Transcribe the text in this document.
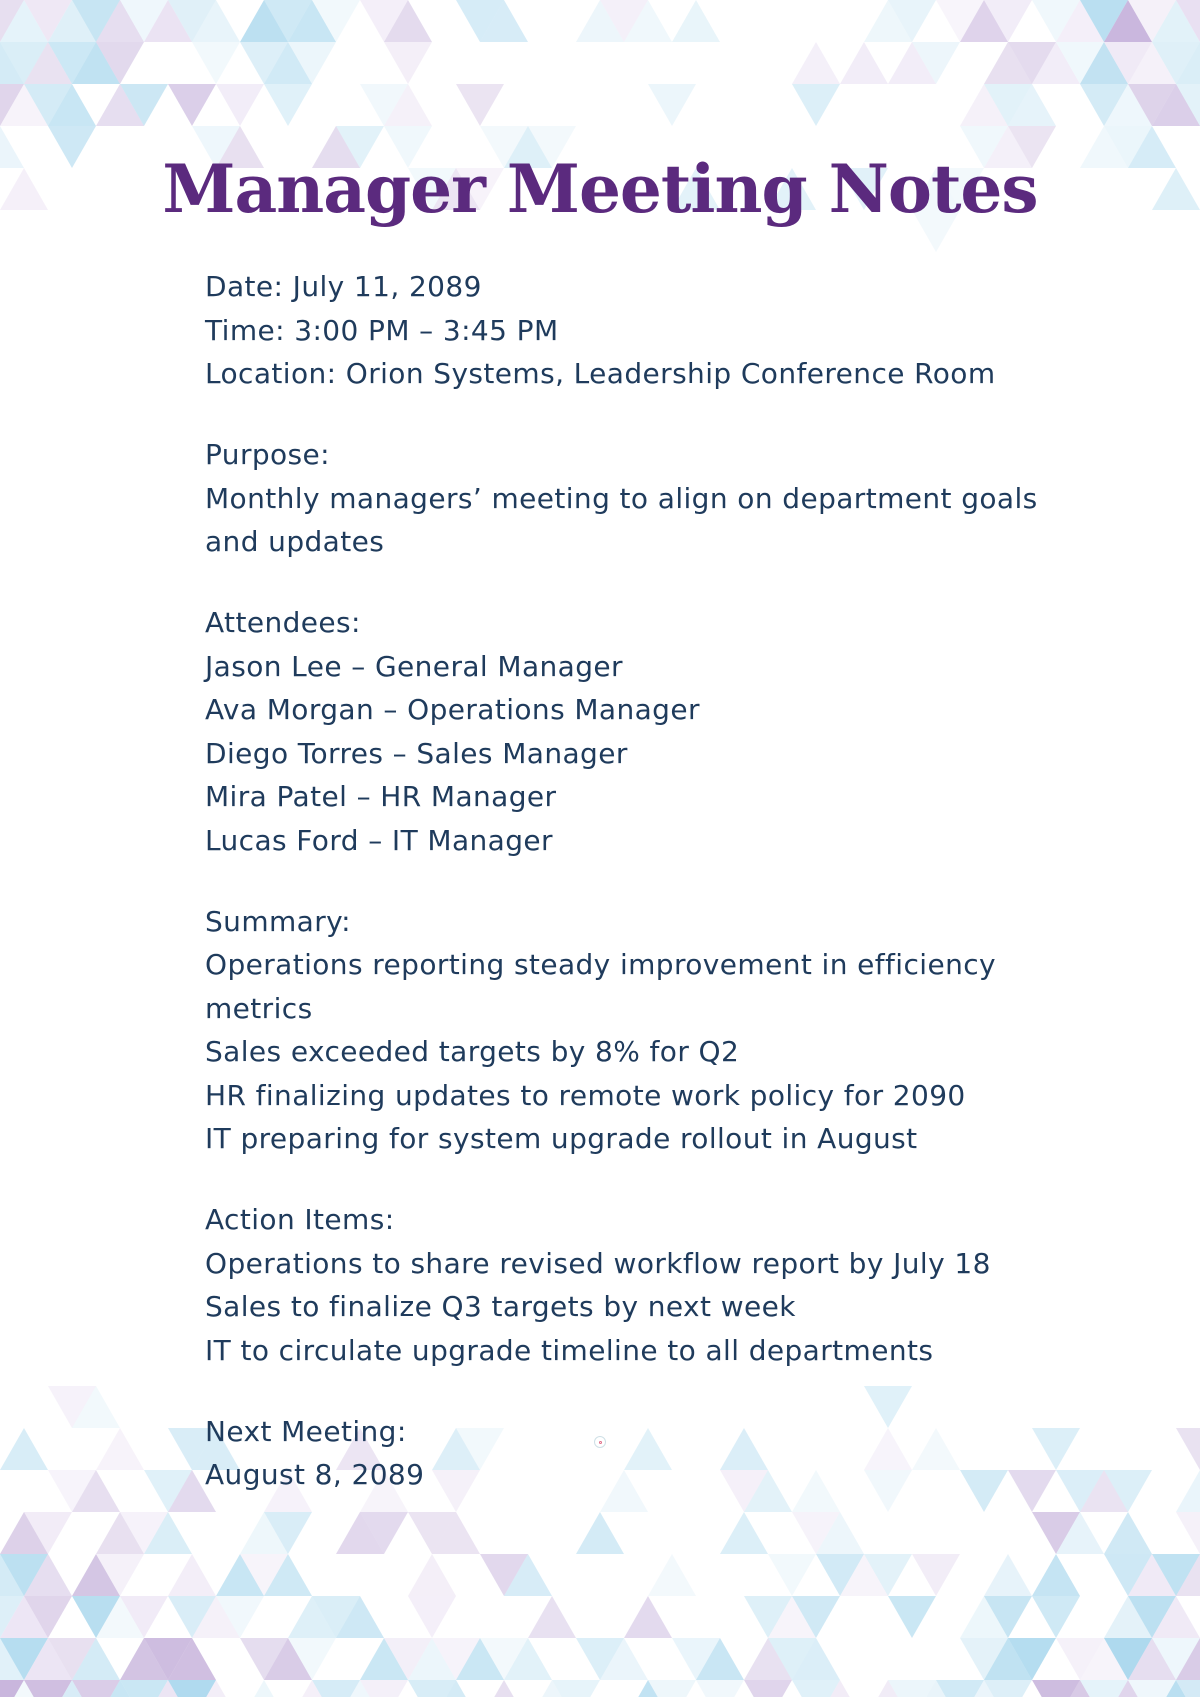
Manager Meeting Notes
Date: July 11, 2089
Time: 3:00 PM – 3:45 PM
Location: Orion Systems, Leadership Conference Room
Purpose:
Monthly managers’ meeting to align on department goals
and updates
Attendees:
Jason Lee – General Manager
Ava Morgan – Operations Manager
Diego Torres – Sales Manager
Mira Patel – HR Manager
Lucas Ford – IT Manager
Summary:
Operations reporting steady improvement in efficiency
metrics
Sales exceeded targets by 8% for Q2
HR finalizing updates to remote work policy for 2090
IT preparing for system upgrade rollout in August
Action Items:
Operations to share revised workflow report by July 18
Sales to finalize Q3 targets by next week
IT to circulate upgrade timeline to all departments
Next Meeting:
August 8, 2089
